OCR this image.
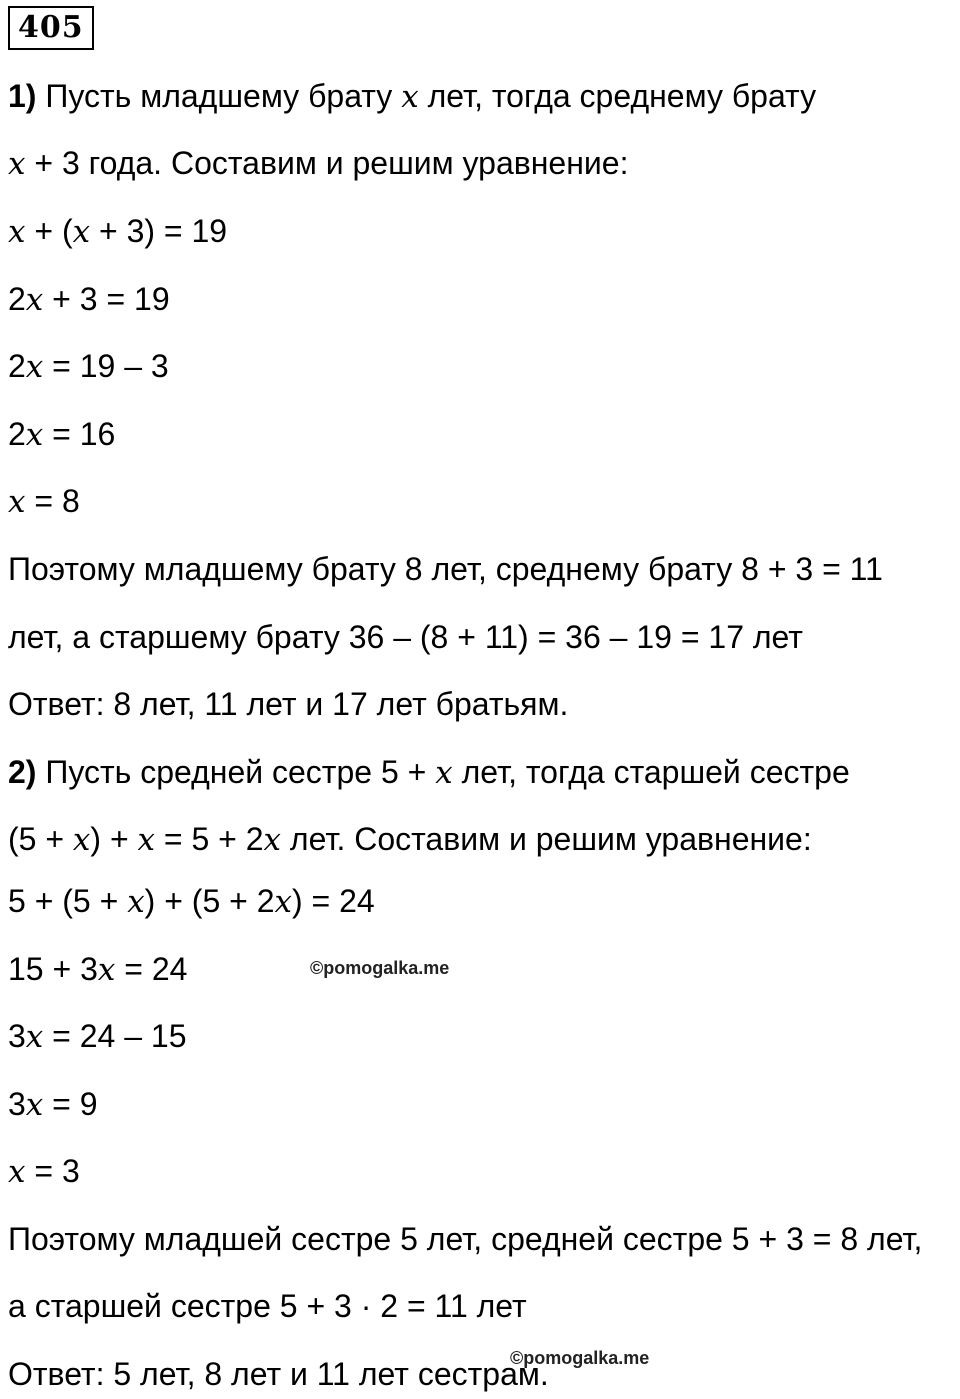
405
1) Пусть младшему брату x лет, тогда среднему брату
x + 3 года. Составим и решим уравнение:
x + (x + 3) = 19
2x + 3 = 19
2x = 19 – 3
2x = 16
x = 8
Поэтому младшему брату 8 лет, среднему брату 8 + 3 = 11
лет, а старшему брату 36 – (8 + 11) = 36 – 19 = 17 лет
Ответ: 8 лет, 11 лет и 17 лет братьям.
2) Пусть средней сестре 5 + x лет, тогда старшей сестре
(5 + x) + x = 5 + 2x лет. Составим и решим уравнение:
5 + (5 + x) + (5 + 2x) = 24
15 + 3x = 24
3x = 24 – 15
3x = 9
x = 3
Поэтому младшей сестре 5 лет, средней сестре 5 + 3 = 8 лет,
а старшей сестре 5 + 3 · 2 = 11 лет
Ответ: 5 лет, 8 лет и 11 лет сестрам.
©pomogalka.me
©pomogalka.me
